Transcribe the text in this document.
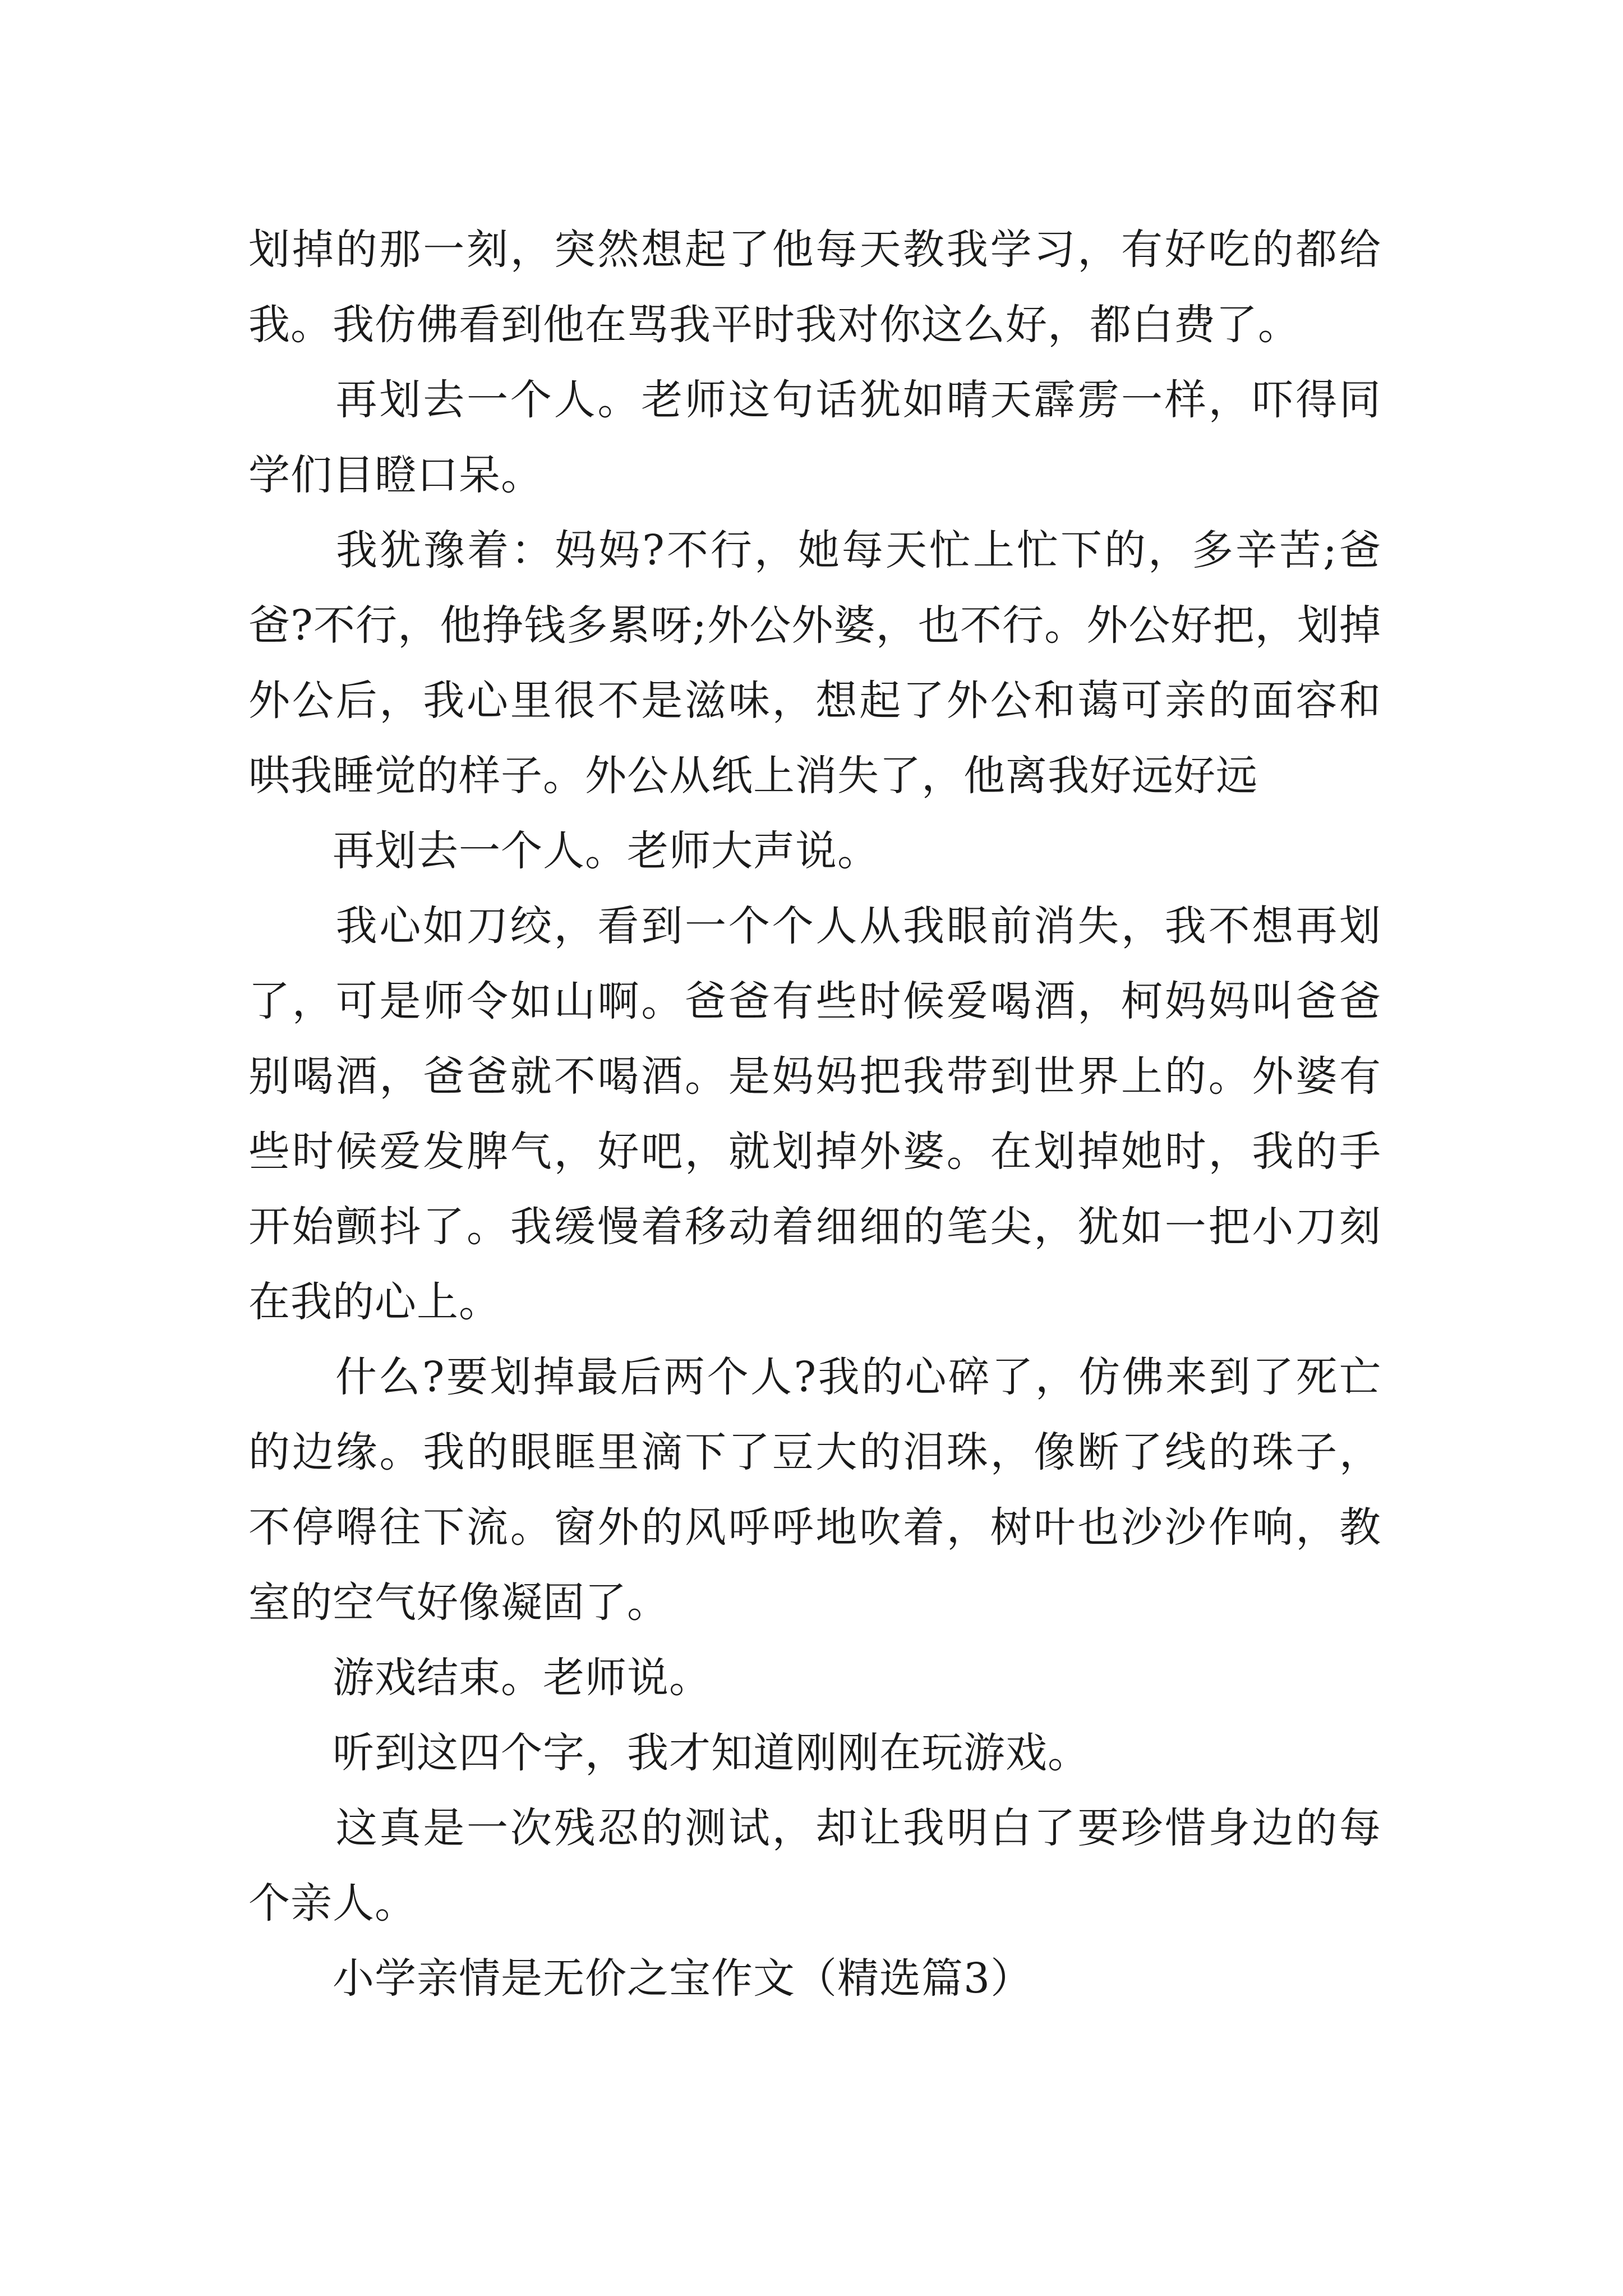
划掉的那一刻，突然想起了他每天教我学习，有好吃的都给我。我仿佛看到他在骂我平时我对你这么好，都白费了。

　　再划去一个人。老师这句话犹如晴天霹雳一样，吓得同学们目瞪口呆。

　　我犹豫着：妈妈?不行，她每天忙上忙下的，多辛苦;爸爸?不行，他挣钱多累呀;外公外婆，也不行。外公好把，划掉外公后，我心里很不是滋味，想起了外公和蔼可亲的面容和哄我睡觉的样子。外公从纸上消失了，他离我好远好远

　　再划去一个人。老师大声说。

　　我心如刀绞，看到一个个人从我眼前消失，我不想再划了，可是师令如山啊。爸爸有些时候爱喝酒，柯妈妈叫爸爸别喝酒，爸爸就不喝酒。是妈妈把我带到世界上的。外婆有些时候爱发脾气，好吧，就划掉外婆。在划掉她时，我的手开始颤抖了。我缓慢着移动着细细的笔尖，犹如一把小刀刻在我的心上。

　　什么?要划掉最后两个人?我的心碎了，仿佛来到了死亡的边缘。我的眼眶里滴下了豆大的泪珠，像断了线的珠子，不停嘚往下流。窗外的风呼呼地吹着，树叶也沙沙作响，教室的空气好像凝固了。

　　游戏结束。老师说。

　　听到这四个字，我才知道刚刚在玩游戏。

　　这真是一次残忍的测试，却让我明白了要珍惜身边的每个亲人。

　　小学亲情是无价之宝作文（精选篇3）
